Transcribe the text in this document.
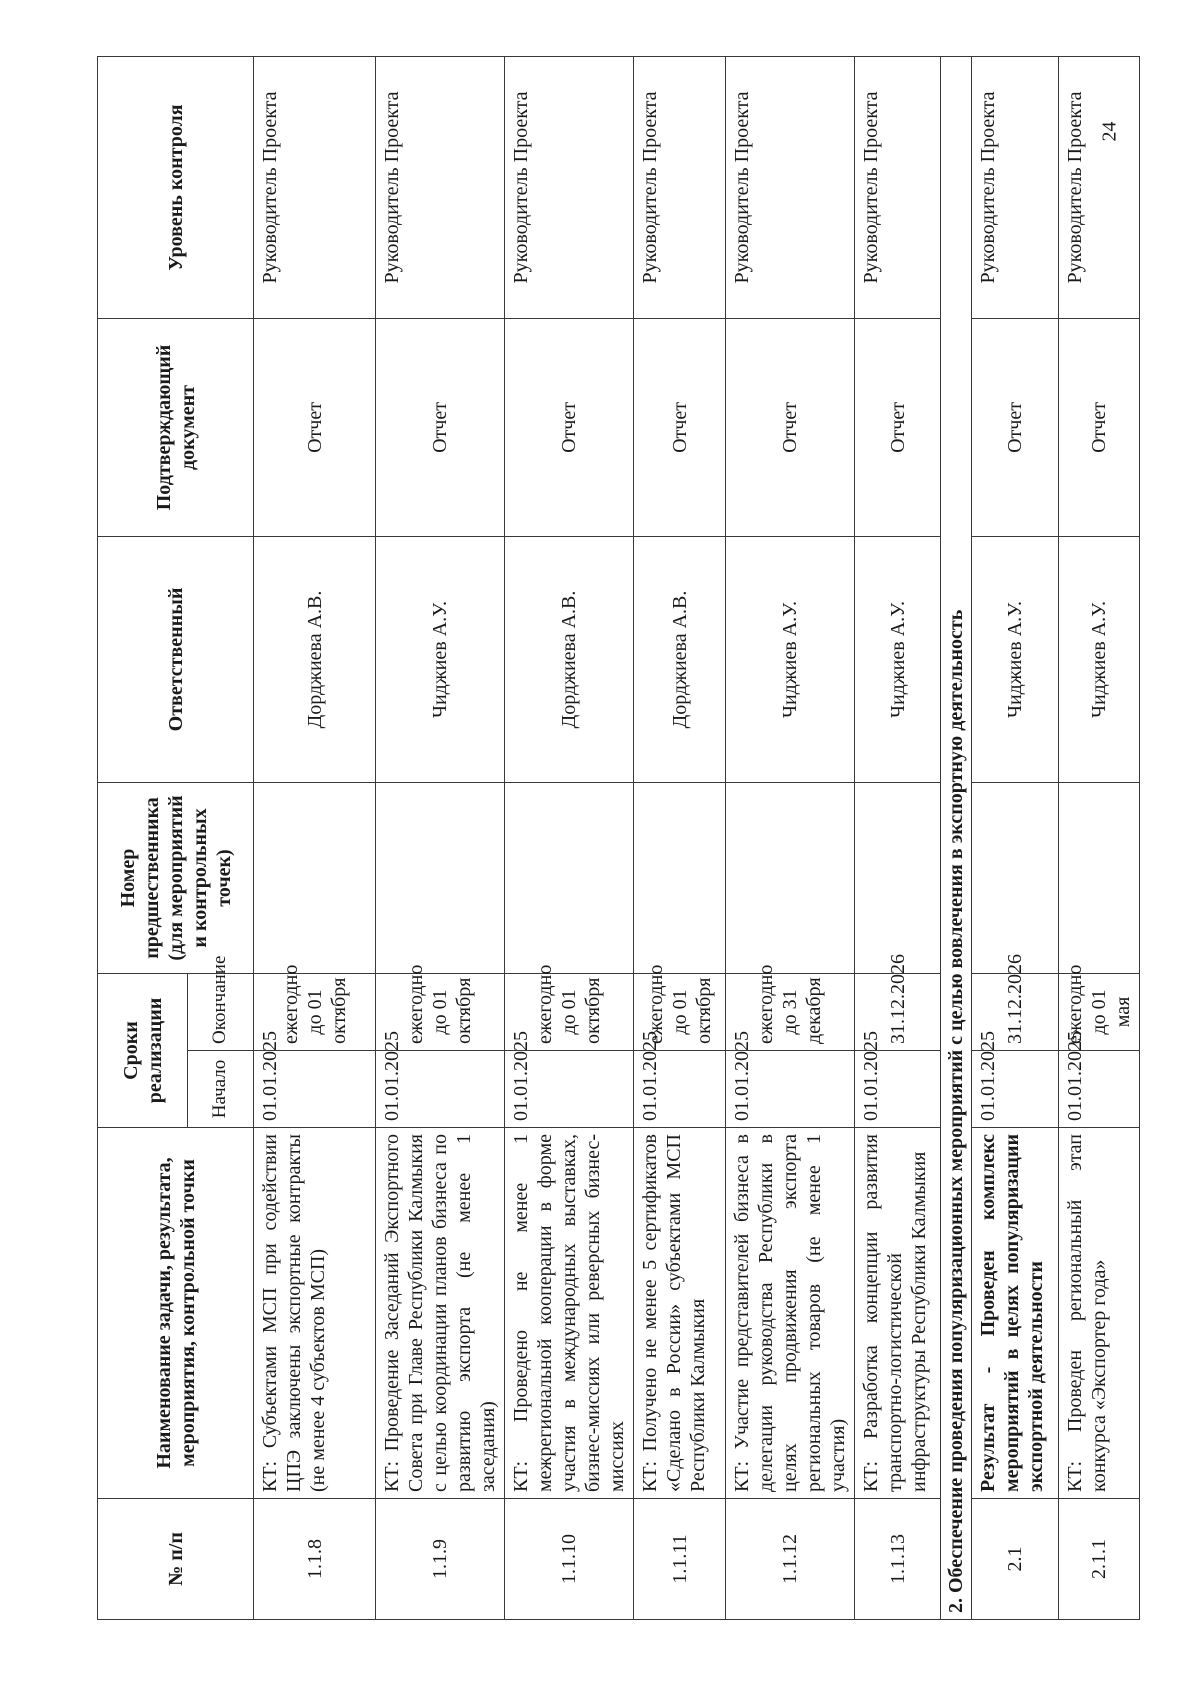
№ п/п	Наименование задачи, результата, мероприятия, контрольной точки	Сроки реализации		Номер предшественника (для мероприятий и контрольных точек)	Ответственный	Подтверждающий документ	Уровень контроля
		Начало	Окончание				
1.1.8	КТ: Субъектами МСП при содействии ЦПЭ заключены экспортные контракты (не менее 4 субъектов МСП)	01.01.2025	ежегодно до 01 октября		Дорджиева А.В.	Отчет	Руководитель Проекта
1.1.9	КТ: Проведение Заседаний Экспортного Совета при Главе Республики Калмыкия с целью координации планов бизнеса по развитию экспорта (не менее 1 заседания)	01.01.2025	ежегодно до 01 октября		Чиджиев А.У.	Отчет	Руководитель Проекта
1.1.10	КТ: Проведено не менее 1 межрегиональной кооперации в форме участия в международных выставках, бизнес-миссиях или реверсных бизнес-миссиях	01.01.2025	ежегодно до 01 октября		Дорджиева А.В.	Отчет	Руководитель Проекта
1.1.11	КТ: Получено не менее 5 сертификатов «Сделано в России» субъектами МСП Республики Калмыкия	01.01.2025	ежегодно до 01 октября		Дорджиева А.В.	Отчет	Руководитель Проекта
1.1.12	КТ: Участие представителей бизнеса в делегации руководства Республики в целях продвижения экспорта региональных товаров (не менее 1 участия)	01.01.2025	ежегодно до 31 декабря		Чиджиев А.У.	Отчет	Руководитель Проекта
1.1.13	КТ: Разработка концепции развития транспортно-логистической инфраструктуры Республики Калмыкия	01.01.2025	31.12.2026		Чиджиев А.У.	Отчет	Руководитель Проекта
2. Обеспечение проведения популяризационных мероприятий с целью вовлечения в экспортную деятельность							
2.1	Результат - Проведен комплекс мероприятий в целях популяризации экспортной деятельности	01.01.2025	31.12.2026		Чиджиев А.У.	Отчет	Руководитель Проекта
2.1.1	КТ: Проведен региональный этап конкурса «Экспортер года»	01.01.2025	ежегодно до 01 мая		Чиджиев А.У.	Отчет	Руководитель Проекта 24
